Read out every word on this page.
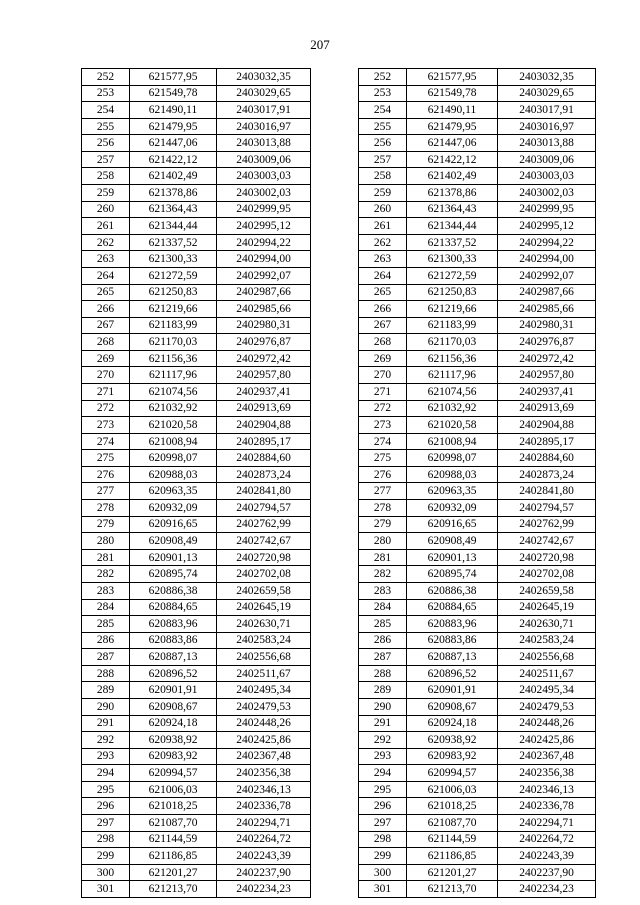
207
252	621577,95	2403032,35
253	621549,78	2403029,65
254	621490,11	2403017,91
255	621479,95	2403016,97
256	621447,06	2403013,88
257	621422,12	2403009,06
258	621402,49	2403003,03
259	621378,86	2403002,03
260	621364,43	2402999,95
261	621344,44	2402995,12
262	621337,52	2402994,22
263	621300,33	2402994,00
264	621272,59	2402992,07
265	621250,83	2402987,66
266	621219,66	2402985,66
267	621183,99	2402980,31
268	621170,03	2402976,87
269	621156,36	2402972,42
270	621117,96	2402957,80
271	621074,56	2402937,41
272	621032,92	2402913,69
273	621020,58	2402904,88
274	621008,94	2402895,17
275	620998,07	2402884,60
276	620988,03	2402873,24
277	620963,35	2402841,80
278	620932,09	2402794,57
279	620916,65	2402762,99
280	620908,49	2402742,67
281	620901,13	2402720,98
282	620895,74	2402702,08
283	620886,38	2402659,58
284	620884,65	2402645,19
285	620883,96	2402630,71
286	620883,86	2402583,24
287	620887,13	2402556,68
288	620896,52	2402511,67
289	620901,91	2402495,34
290	620908,67	2402479,53
291	620924,18	2402448,26
292	620938,92	2402425,86
293	620983,92	2402367,48
294	620994,57	2402356,38
295	621006,03	2402346,13
296	621018,25	2402336,78
297	621087,70	2402294,71
298	621144,59	2402264,72
299	621186,85	2402243,39
300	621201,27	2402237,90
301	621213,70	2402234,23
252	621577,95	2403032,35
253	621549,78	2403029,65
254	621490,11	2403017,91
255	621479,95	2403016,97
256	621447,06	2403013,88
257	621422,12	2403009,06
258	621402,49	2403003,03
259	621378,86	2403002,03
260	621364,43	2402999,95
261	621344,44	2402995,12
262	621337,52	2402994,22
263	621300,33	2402994,00
264	621272,59	2402992,07
265	621250,83	2402987,66
266	621219,66	2402985,66
267	621183,99	2402980,31
268	621170,03	2402976,87
269	621156,36	2402972,42
270	621117,96	2402957,80
271	621074,56	2402937,41
272	621032,92	2402913,69
273	621020,58	2402904,88
274	621008,94	2402895,17
275	620998,07	2402884,60
276	620988,03	2402873,24
277	620963,35	2402841,80
278	620932,09	2402794,57
279	620916,65	2402762,99
280	620908,49	2402742,67
281	620901,13	2402720,98
282	620895,74	2402702,08
283	620886,38	2402659,58
284	620884,65	2402645,19
285	620883,96	2402630,71
286	620883,86	2402583,24
287	620887,13	2402556,68
288	620896,52	2402511,67
289	620901,91	2402495,34
290	620908,67	2402479,53
291	620924,18	2402448,26
292	620938,92	2402425,86
293	620983,92	2402367,48
294	620994,57	2402356,38
295	621006,03	2402346,13
296	621018,25	2402336,78
297	621087,70	2402294,71
298	621144,59	2402264,72
299	621186,85	2402243,39
300	621201,27	2402237,90
301	621213,70	2402234,23
